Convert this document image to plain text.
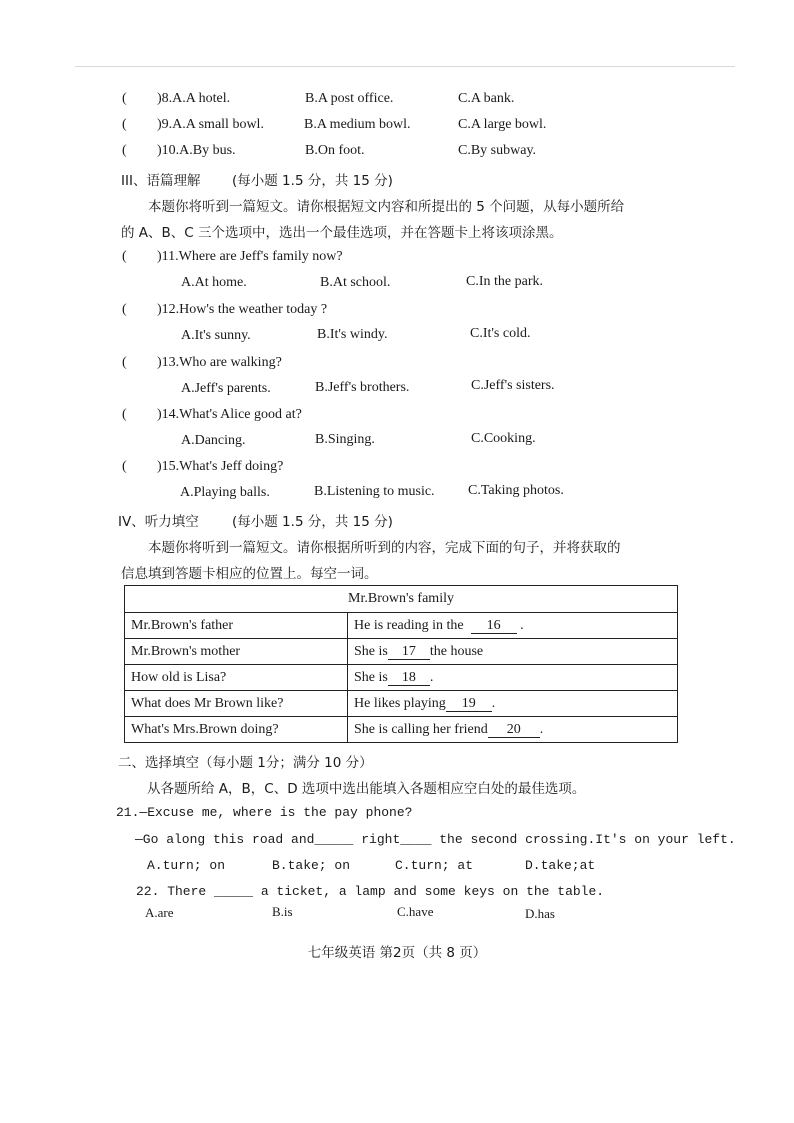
( )8.A.A hotel.	B.A post office.	C.A bank.
( )9.A.A small bowl.	B.A medium bowl.	C.A large bowl.
( )10.A.By bus.	B.On foot.	C.By subway.
III、语篇理解 (每小题 1.5 分，共 15 分)
本题你将听到一篇短文。请你根据短文内容和所提出的 5 个问题，从每小题所给
的 A、B、C 三个选项中，选出一个最佳选项，并在答题卡上将该项涂黑。
( )11.Where are Jeff's family now?
A.At home.	B.At school.	C.In the park.
( )12.How's the weather today ?
A.It's sunny.	B.It's windy.	C.It's cold.
( )13.Who are walking?
A.Jeff's parents.	B.Jeff's brothers.	C.Jeff's sisters.
( )14.What's Alice good at?
A.Dancing.	B.Singing.	C.Cooking.
( )15.What's Jeff doing?
A.Playing balls.	B.Listening to music. C.Taking photos.
IV、听力填空 (每小题 1.5 分，共 15 分)
本题你将听到一篇短文。请你根据所听到的内容，完成下面的句子，并将获取的
信息填到答题卡相应的位置上。每空一词。
Mr.Brown's family	
Mr.Brown's father	He is reading in the 16 .
Mr.Brown's mother	She is 17 the house
How old is Lisa?	She is 18 .
What does Mr Brown like?	He likes playing 19 .
What's Mrs.Brown doing?	She is calling her friend 20 .
二、选择填空（每小题 1分；满分 10 分）
从各题所给 A，B，C、D 选项中选出能填入各题相应空白处的最佳选项。
21.—Excuse me, where is the pay phone?
—Go along this road and_____ right____ the second crossing.It's on your left.
A.turn; on	B.take; on	C.turn; at	D.take;at
22. There _____ a ticket, a lamp and some keys on the table.
A.are	B.is	C.have	D.has
七年级英语 第2页（共 8 页）
